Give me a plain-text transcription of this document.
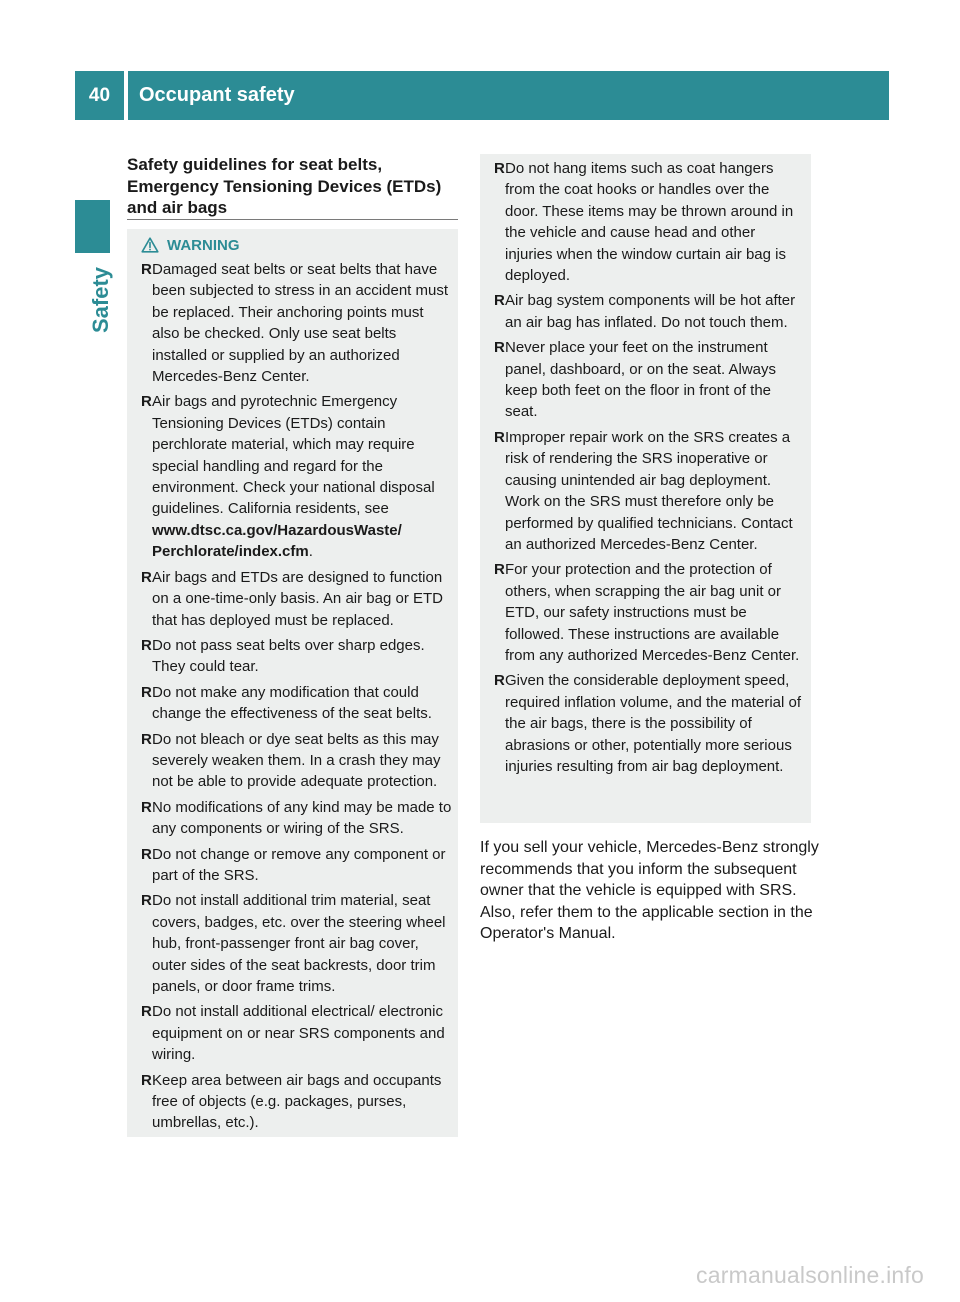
40	Occupant safety
Safety
Safety guidelines for seat belts,
Emergency Tensioning Devices (ETDs)
and air bags
WARNING
R Damaged seat belts or seat belts that have been subjected to stress in an accident must be replaced. Their anchoring points must also be checked. Only use seat belts installed or supplied by an authorized Mercedes-Benz Center.
R Air bags and pyrotechnic Emergency Tensioning Devices (ETDs) contain perchlorate material, which may require special handling and regard for the environment. Check your national disposal guidelines. California residents, see www.dtsc.ca.gov/HazardousWaste/ Perchlorate/index.cfm.
R Air bags and ETDs are designed to function on a one-time-only basis. An air bag or ETD that has deployed must be replaced.
R Do not pass seat belts over sharp edges. They could tear.
R Do not make any modification that could change the effectiveness of the seat belts.
R Do not bleach or dye seat belts as this may severely weaken them. In a crash they may not be able to provide adequate protection.
R No modifications of any kind may be made to any components or wiring of the SRS.
R Do not change or remove any component or part of the SRS.
R Do not install additional trim material, seat covers, badges, etc. over the steering wheel hub, front-passenger front air bag cover, outer sides of the seat backrests, door trim panels, or door frame trims.
R Do not install additional electrical/ electronic equipment on or near SRS components and wiring.
R Keep area between air bags and occupants free of objects (e.g. packages, purses, umbrellas, etc.).
R Do not hang items such as coat hangers from the coat hooks or handles over the door. These items may be thrown around in the vehicle and cause head and other injuries when the window curtain air bag is deployed.
R Air bag system components will be hot after an air bag has inflated. Do not touch them.
R Never place your feet on the instrument panel, dashboard, or on the seat. Always keep both feet on the floor in front of the seat.
R Improper repair work on the SRS creates a risk of rendering the SRS inoperative or causing unintended air bag deployment. Work on the SRS must therefore only be performed by qualified technicians. Contact an authorized Mercedes-Benz Center.
R For your protection and the protection of others, when scrapping the air bag unit or ETD, our safety instructions must be followed. These instructions are available from any authorized Mercedes-Benz Center.
R Given the considerable deployment speed, required inflation volume, and the material of the air bags, there is the possibility of abrasions or other, potentially more serious injuries resulting from air bag deployment.
If you sell your vehicle, Mercedes-Benz strongly recommends that you inform the subsequent owner that the vehicle is equipped with SRS. Also, refer them to the applicable section in the Operator's Manual.
carmanualsonline.info
